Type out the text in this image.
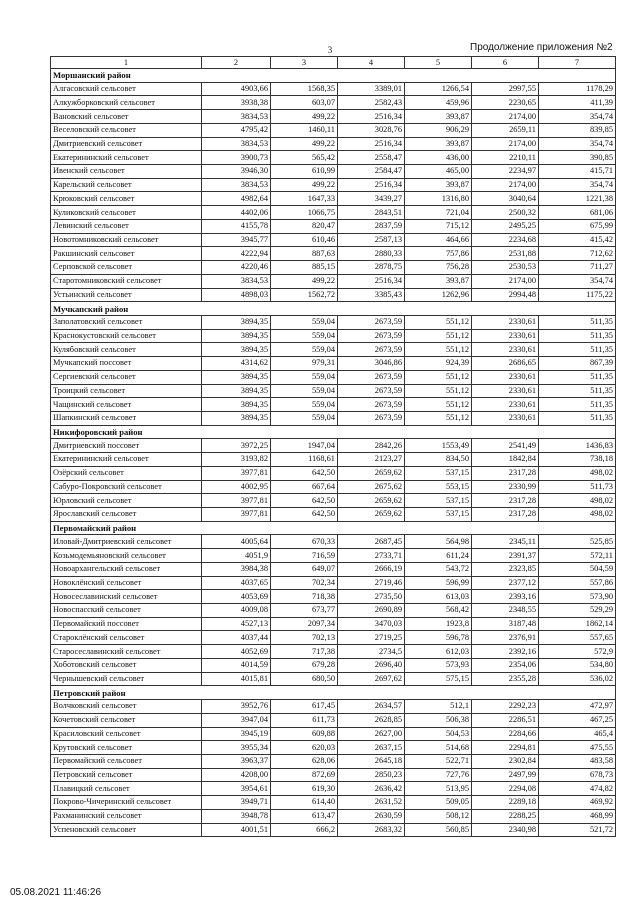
3	Продолжение приложения №2
1	2	3	4	5	6	7
Моршанский район						
Алгасовский сельсовет	4903,66	1568,35	3389,01	1266,54	2997,55	1178,29
Алкужборковский сельсовет	3938,38	603,07	2582,43	459,96	2230,65	411,39
Вановский сельсовет	3834,53	499,22	2516,34	393,87	2174,00	354,74
Веселовский сельсовет	4795,42	1460,11	3028,76	906,29	2659,11	839,85
Дмитриевский сельсовет	3834,53	499,22	2516,34	393,87	2174,00	354,74
Екатерининский сельсовет	3900,73	565,42	2558,47	436,00	2210,11	390,85
Ивенский сельсовет	3946,30	610,99	2584,47	465,00	2234,97	415,71
Карельский сельсовет	3834,53	499,22	2516,34	393,87	2174,00	354,74
Крюковский сельсовет	4982,64	1647,33	3439,27	1316,80	3040,64	1221,38
Куликовский сельсовет	4402,06	1066,75	2843,51	721,04	2500,32	681,06
Левинский сельсовет	4155,78	820,47	2837,59	715,12	2495,25	675,99
Новотомниковский сельсовет	3945,77	610,46	2587,13	464,66	2234,68	415,42
Ракшинский сельсовет	4222,94	887,63	2880,33	757,86	2531,88	712,62
Серповской сельсовет	4220,46	885,15	2878,75	756,28	2530,53	711,27
Старотомниковский сельсовет	3834,53	499,22	2516,34	393,87	2174,00	354,74
Устьинский сельсовет	4898,03	1562,72	3385,43	1262,96	2994,48	1175,22
Мучкапский район						
Заполатовский сельсовет	3894,35	559,04	2673,59	551,12	2330,61	511,35
Краснокустовский сельсовет	3894,35	559,04	2673,59	551,12	2330,61	511,35
Кулябовский сельсовет	3894,35	559,04	2673,59	551,12	2330,61	511,35
Мучкапский поссовет	4314,62	979,31	3046,86	924,39	2686,65	867,39
Сергиевский сельсовет	3894,35	559,04	2673,59	551,12	2330,61	511,35
Троицкий сельсовет	3894,35	559,04	2673,59	551,12	2330,61	511,35
Чащинский сельсовет	3894,35	559,04	2673,59	551,12	2330,61	511,35
Шапкинский сельсовет	3894,35	559,04	2673,59	551,12	2330,61	511,35
Никифоровский район						
Дмитриевский поссовет	3972,25	1947,04	2842,26	1553,49	2541,49	1436,83
Екатерининский сельсовет	3193,82	1168,61	2123,27	834,50	1842,84	738,18
Озёрский сельсовет	3977,81	642,50	2659,62	537,15	2317,28	498,02
Сабуро-Покровский сельсовет	4002,95	667,64	2675,62	553,15	2330,99	511,73
Юрловский сельсовет	3977,81	642,50	2659,62	537,15	2317,28	498,02
Ярославский сельсовет	3977,81	642,50	2659,62	537,15	2317,28	498,02
Первомайский район						
Иловай-Дмитриевский сельсовет	4005,64	670,33	2687,45	564,98	2345,11	525,85
Козьмодемьяновский сельсовет	4051,9	716,59	2733,71	611,24	2391,37	572,11
Новоархангельский сельсовет	3984,38	649,07	2666,19	543,72	2323,85	504,59
Новоклёнский сельсовет	4037,65	702,34	2719,46	596,99	2377,12	557,86
Новосеславинский сельсовет	4053,69	718,38	2735,50	613,03	2393,16	573,90
Новоспасский сельсовет	4009,08	673,77	2690,89	568,42	2348,55	529,29
Первомайский поссовет	4527,13	2097,34	3470,03	1923,8	3187,48	1862,14
Староклёнский сельсовет	4037,44	702,13	2719,25	596,78	2376,91	557,65
Старосеславинский сельсовет	4052,69	717,38	2734,5	612,03	2392,16	572,9
Хоботовский сельсовет	4014,59	679,28	2696,40	573,93	2354,06	534,80
Чернышевский сельсовет	4015,81	680,50	2697,62	575,15	2355,28	536,02
Петровский район						
Волчковский сельсовет	3952,76	617,45	2634,57	512,1	2292,23	472,97
Кочетовский сельсовет	3947,04	611,73	2628,85	506,38	2286,51	467,25
Красиловский сельсовет	3945,19	609,88	2627,00	504,53	2284,66	465,4
Крутовский сельсовет	3955,34	620,03	2637,15	514,68	2294,81	475,55
Первомайский сельсовет	3963,37	628,06	2645,18	522,71	2302,84	483,58
Петровский сельсовет	4208,00	872,69	2850,23	727,76	2497,99	678,73
Плавицкий сельсовет	3954,61	619,30	2636,42	513,95	2294,08	474,82
Покрово-Чичеринский сельсовет	3949,71	614,40	2631,52	509,05	2289,18	469,92
Рахманинский сельсовет	3948,78	613,47	2630,59	508,12	2288,25	468,99
Успеновский сельсовет	4001,51	666,2	2683,32	560,85	2340,98	521,72
05.08.2021 11:46:26
